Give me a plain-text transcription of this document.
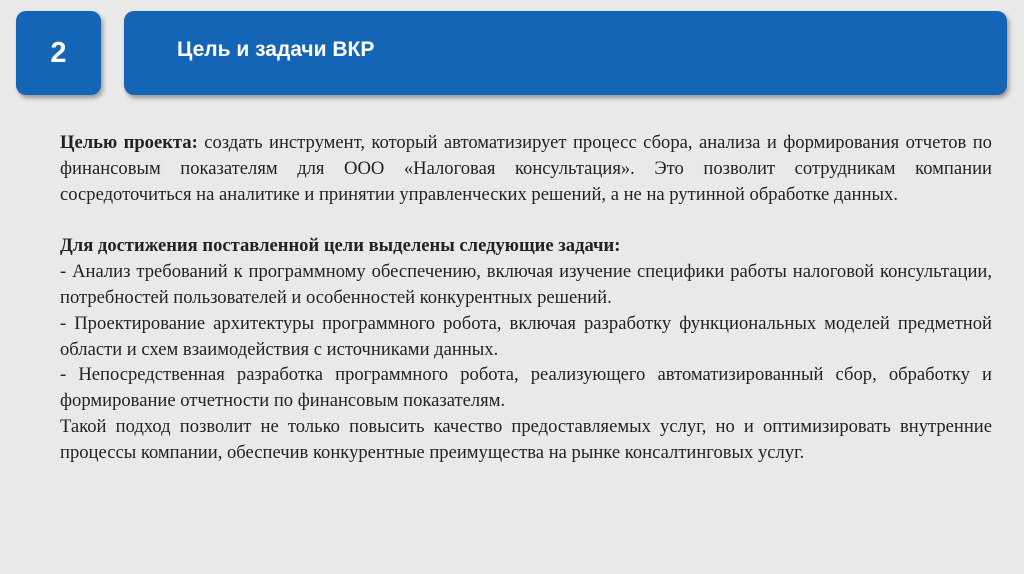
2	Цель и задачи ВКР

Целью проекта: создать инструмент, который автоматизирует процесс сбора, анализа и формирования отчетов по финансовым показателям для ООО «Налоговая консультация». Это позволит сотрудникам компании сосредоточиться на аналитике и принятии управленческих решений, а не на рутинной обработке данных.

Для достижения поставленной цели выделены следующие задачи:

- Анализ требований к программному обеспечению, включая изучение специфики работы налоговой консультации, потребностей пользователей и особенностей конкурентных решений.

- Проектирование архитектуры программного робота, включая разработку функциональных моделей предметной области и схем взаимодействия с источниками данных.

- Непосредственная разработка программного робота, реализующего автоматизированный сбор, обработку и формирование отчетности по финансовым показателям.

Такой подход позволит не только повысить качество предоставляемых услуг, но и оптимизировать внутренние процессы компании, обеспечив конкурентные преимущества на рынке консалтинговых услуг.
